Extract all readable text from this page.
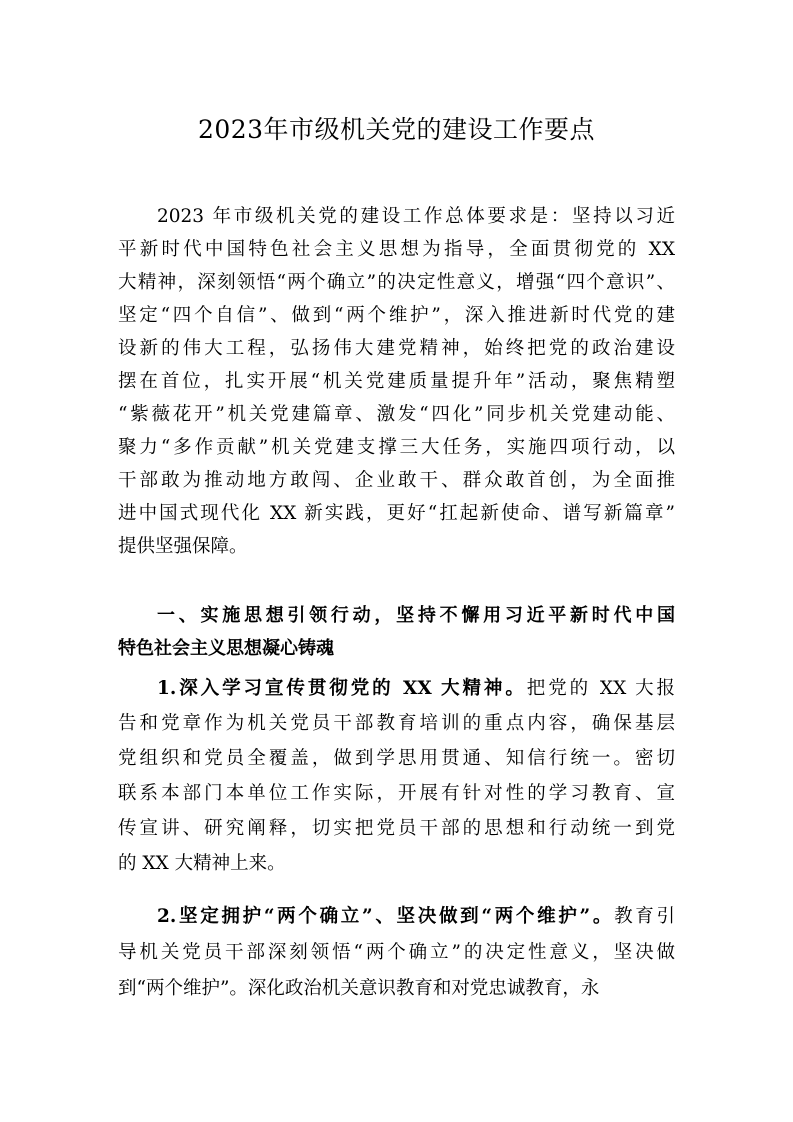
2023年市级机关党的建设工作要点
2023 年市级机关党的建设工作总体要求是：坚持以习近
平新时代中国特色社会主义思想为指导，全面贯彻党的 XX
大精神，深刻领悟“两个确立”的决定性意义，增强“四个意识”、
坚定“四个自信”、做到“两个维护”，深入推进新时代党的建
设新的伟大工程，弘扬伟大建党精神，始终把党的政治建设
摆在首位，扎实开展“机关党建质量提升年”活动，聚焦精塑
“紫薇花开”机关党建篇章、激发“四化”同步机关党建动能、
聚力“多作贡献”机关党建支撑三大任务，实施四项行动，以
干部敢为推动地方敢闯、企业敢干、群众敢首创，为全面推
进中国式现代化 XX 新实践，更好“扛起新使命、谱写新篇章”
提供坚强保障。
一、实施思想引领行动，坚持不懈用习近平新时代中国
特色社会主义思想凝心铸魂
1.深入学习宣传贯彻党的 XX 大精神。把党的 XX 大报
告和党章作为机关党员干部教育培训的重点内容，确保基层
党组织和党员全覆盖，做到学思用贯通、知信行统一。密切
联系本部门本单位工作实际，开展有针对性的学习教育、宣
传宣讲、研究阐释，切实把党员干部的思想和行动统一到党
的 XX 大精神上来。
2.坚定拥护“两个确立”、坚决做到“两个维护”。教育引
导机关党员干部深刻领悟“两个确立”的决定性意义，坚决做
到“两个维护”。深化政治机关意识教育和对党忠诚教育，永
